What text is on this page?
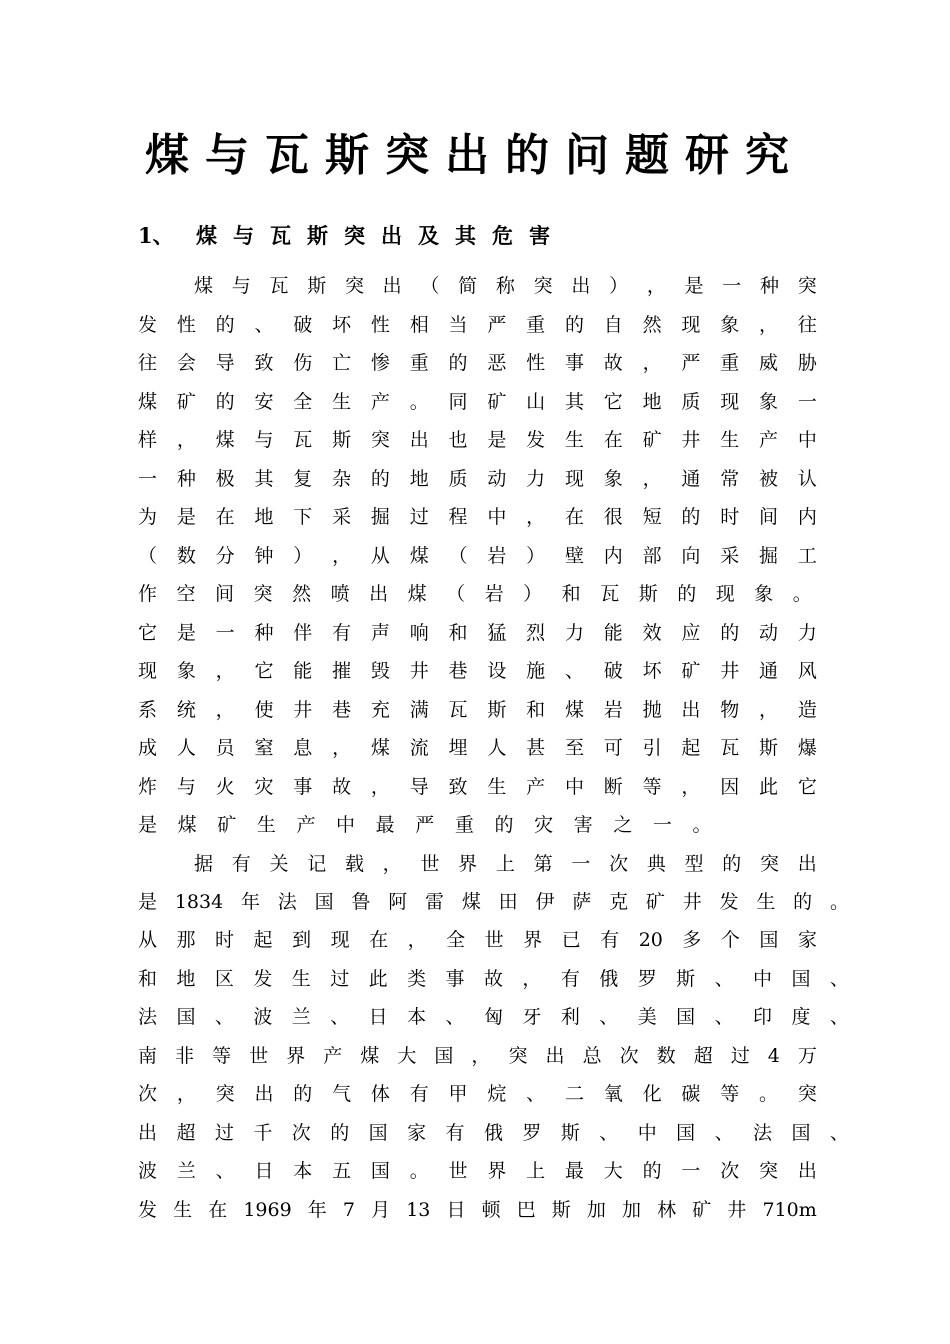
煤与瓦斯突出的问题研究
1、 煤与瓦斯突出及其危害
煤 与 瓦 斯 突 出 （ 简 称 突 出 ） ， 是 一 种 突
发 性 的 、 破 坏 性 相 当 严 重 的 自 然 现 象 ， 往
往 会 导 致 伤 亡 惨 重 的 恶 性 事 故 ， 严 重 威 胁
煤 矿 的 安 全 生 产 。 同 矿 山 其 它 地 质 现 象 一
样 ， 煤 与 瓦 斯 突 出 也 是 发 生 在 矿 井 生 产 中
一 种 极 其 复 杂 的 地 质 动 力 现 象 ， 通 常 被 认
为 是 在 地 下 采 掘 过 程 中 ， 在 很 短 的 时 间 内
（ 数 分 钟 ） ， 从 煤 （ 岩 ） 壁 内 部 向 采 掘 工
作 空 间 突 然 喷 出 煤 （ 岩 ） 和 瓦 斯 的 现 象 。
它 是 一 种 伴 有 声 响 和 猛 烈 力 能 效 应 的 动 力
现 象 ， 它 能 摧 毁 井 巷 设 施 、 破 坏 矿 井 通 风
系 统 ， 使 井 巷 充 满 瓦 斯 和 煤 岩 抛 出 物 ， 造
成 人 员 窒 息 ， 煤 流 埋 人 甚 至 可 引 起 瓦 斯 爆
炸 与 火 灾 事 故 ， 导 致 生 产 中 断 等 ， 因 此 它
是 煤 矿 生 产 中 最 严 重 的 灾 害 之 一 。
据 有 关 记 载 ， 世 界 上 第 一 次 典 型 的 突 出
是 1834 年 法 国 鲁 阿 雷 煤 田 伊 萨 克 矿 井 发 生 的 。
从 那 时 起 到 现 在 ， 全 世 界 已 有 20 多 个 国 家
和 地 区 发 生 过 此 类 事 故 ， 有 俄 罗 斯 、 中 国 、
法 国 、 波 兰 、 日 本 、 匈 牙 利 、 美 国 、 印 度 、
南 非 等 世 界 产 煤 大 国 ， 突 出 总 次 数 超 过 4 万
次 ， 突 出 的 气 体 有 甲 烷 、 二 氧 化 碳 等 。 突
出 超 过 千 次 的 国 家 有 俄 罗 斯 、 中 国 、 法 国 、
波 兰 、 日 本 五 国 。 世 界 上 最 大 的 一 次 突 出
发 生 在 1969 年 7 月 13 日 顿 巴 斯 加 加 林 矿 井 710m
